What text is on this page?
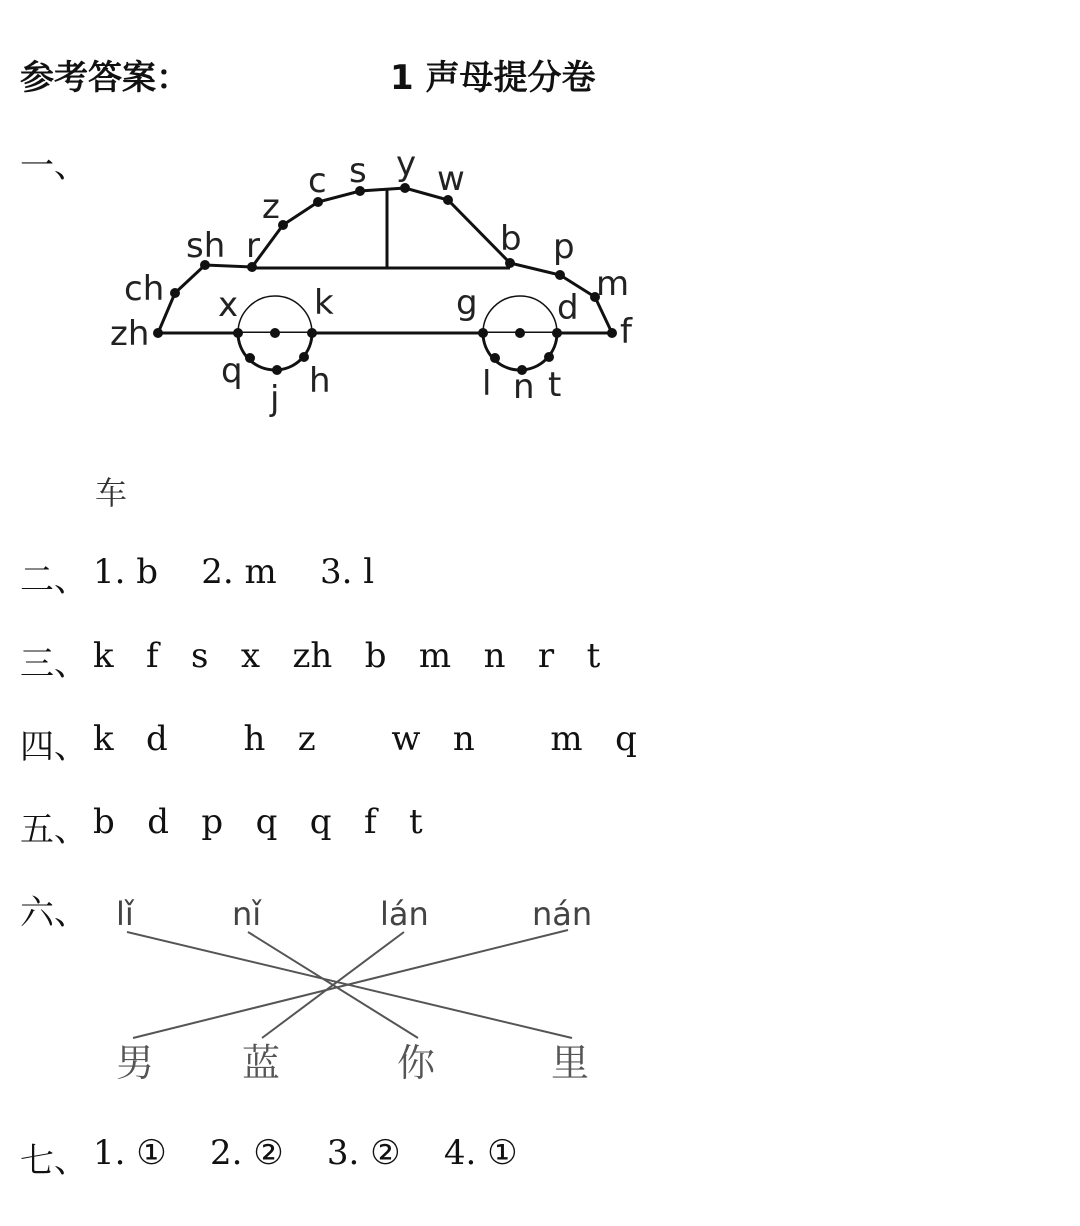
参考答案：	1 声母提分卷
一、
zh
ch
sh r
z
c s y w
b p
m
f
d
g
x k
q
j h	l n t
车
二、 1. b    2. m    3. l
三、 k   f   s   x   zh   b   m   n   r   t
四、 k   d       h   z       w   n       m   q
五、 b   d   p   q   q   f   t
六、 lǐ	nǐ	lán	nán
男 蓝	你	里
七、 1. ①    2. ②    3. ②    4. ①
